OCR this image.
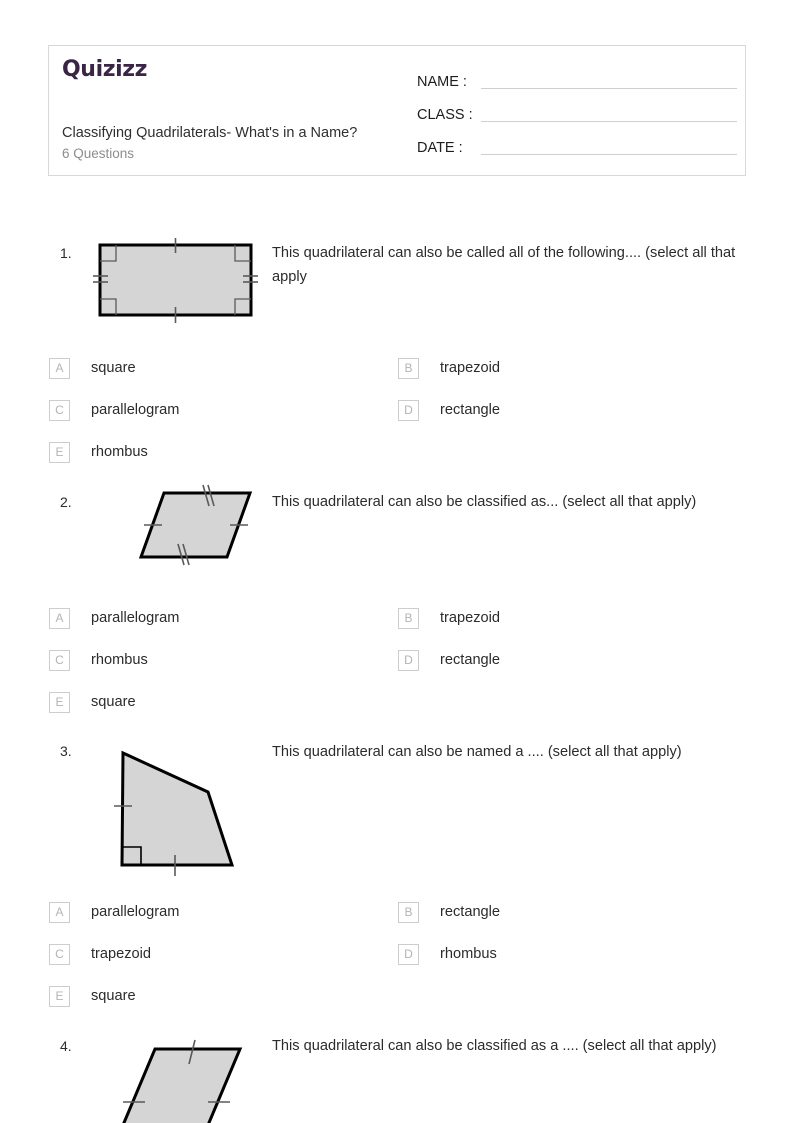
Quizizz
Classifying Quadrilaterals- What's in a Name?
6 Questions
NAME :
CLASS :
DATE :
1.	This quadrilateral can also be called all of the following.... (select all that apply
A	square	B	trapezoid
C	parallelogram	D	rectangle
E	rhombus
2.	This quadrilateral can also be classified as... (select all that apply)
A	parallelogram	B	trapezoid
C	rhombus	D	rectangle
E	square
3.	This quadrilateral can also be named a .... (select all that apply)
A	parallelogram	B	rectangle
C	trapezoid	D	rhombus
E	square
4.	This quadrilateral can also be classified as a .... (select all that apply)
